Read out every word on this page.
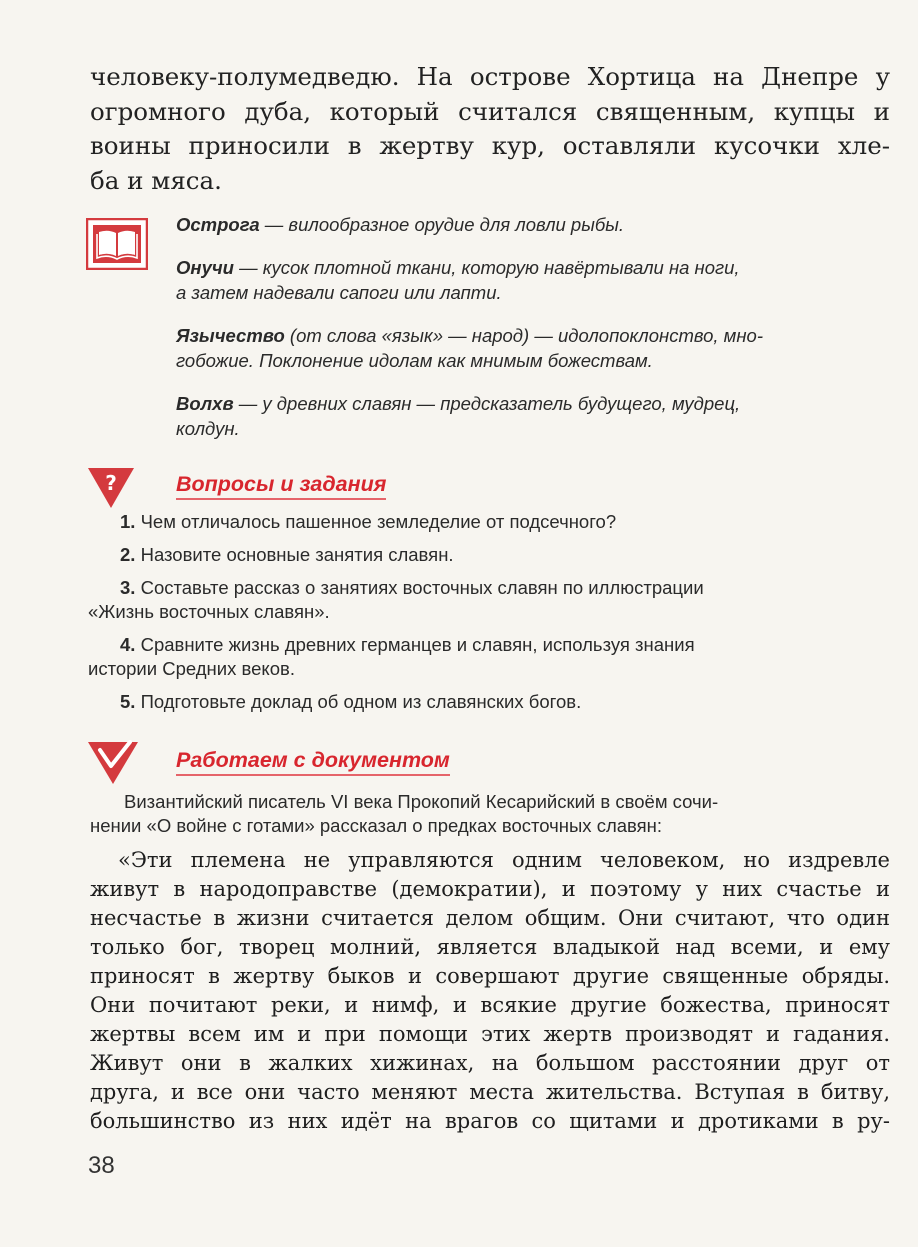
человеку-полумедведю. На острове Хортица на Днепре у
огромного дуба, который считался священным, купцы и
воины приносили в жертву кур, оставляли кусочки хле-
ба и мяса.

Острога — вилообразное орудие для ловли рыбы.
Онучи — кусок плотной ткани, которую навёртывали на ноги,
а затем надевали сапоги или лапти.
Язычество (от слова «язык» — народ) — идолопоклонство, мно-
гобожие. Поклонение идолам как мнимым божествам.
Волхв — у древних славян — предсказатель будущего, мудрец,
колдун.
?	Вопросы и задания
1. Чем отличалось пашенное земледелие от подсечного?
2. Назовите основные занятия славян.
3. Составьте рассказ о занятиях восточных славян по иллюстрации
«Жизнь восточных славян».
4. Сравните жизнь древних германцев и славян, используя знания
истории Средних веков.
5. Подготовьте доклад об одном из славянских богов.
Работаем с документом
Византийский писатель VI века Прокопий Кесарийский в своём сочи-
нении «О войне с готами» рассказал о предках восточных славян:
«Эти племена не управляются одним человеком, но издревле
живут в народоправстве (демократии), и поэтому у них счастье и
несчастье в жизни считается делом общим. Они считают, что один
только бог, творец молний, является владыкой над всеми, и ему
приносят в жертву быков и совершают другие священные обряды.
Они почитают реки, и нимф, и всякие другие божества, приносят
жертвы всем им и при помощи этих жертв производят и гадания.
Живут они в жалких хижинах, на большом расстоянии друг от
друга, и все они часто меняют места жительства. Вступая в битву,
большинство из них идёт на врагов со щитами и дротиками в ру-
38
